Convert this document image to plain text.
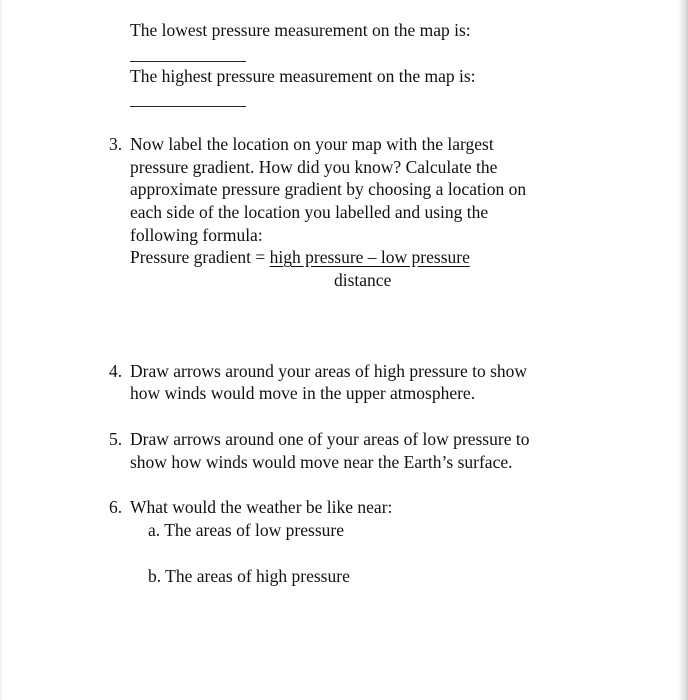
The lowest pressure measurement on the map is:
The highest pressure measurement on the map is:
3. Now label the location on your map with the largest
pressure gradient. How did you know? Calculate the
approximate pressure gradient by choosing a location on
each side of the location you labelled and using the
following formula:
Pressure gradient = high pressure – low pressure
distance
4. Draw arrows around your areas of high pressure to show
how winds would move in the upper atmosphere.
5. Draw arrows around one of your areas of low pressure to
show how winds would move near the Earth’s surface.
6. What would the weather be like near:
a. The areas of low pressure
b. The areas of high pressure
